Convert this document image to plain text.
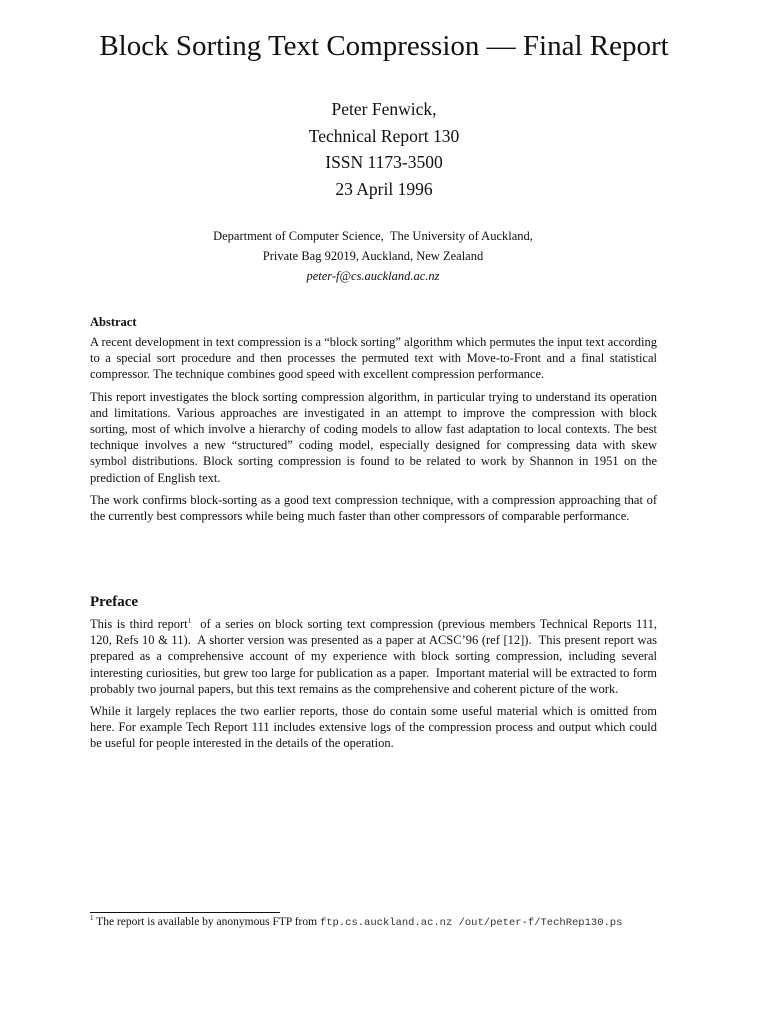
Block Sorting Text Compression — Final Report
Peter Fenwick,
Technical Report 130
ISSN 1173-3500
23 April 1996
Department of Computer Science,  The University of Auckland,
Private Bag 92019, Auckland, New Zealand
peter-f@cs.auckland.ac.nz
Abstract

A recent development in text compression is a “block sorting” algorithm which permutes the input text according to a special sort procedure and then processes the permuted text with Move-to-Front and a final statistical compressor. The technique combines good speed with excellent compression performance.

This report investigates the block sorting compression algorithm, in particular trying to understand its operation and limitations. Various approaches are investigated in an attempt to improve the compression with block sorting, most of which involve a hierarchy of coding models to allow fast adaptation to local contexts. The best technique involves a new “structured” coding model, especially designed for compressing data with skew symbol distributions. Block sorting compression is found to be related to work by Shannon in 1951 on the prediction of English text.

The work confirms block-sorting as a good text compression technique, with a compression approaching that of the currently best compressors while being much faster than other compressors of comparable performance.

Preface

This is third report$^1$  of a series on block sorting text compression (previous members Technical Reports 111, 120, Refs 10 & 11).  A shorter version was presented as a paper at ACSC’96 (ref [12]).  This present report was prepared as a comprehensive account of my experience with block sorting compression, including several interesting curiosities, but grew too large for publication as a paper.  Important material will be extracted to form probably two journal papers, but this text remains as the comprehensive and coherent picture of the work.

While it largely replaces the two earlier reports, those do contain some useful material which is omitted from here. For example Tech Report 111 includes extensive logs of the compression process and output which could be useful for people interested in the details of the operation.

$^1$ The report is available by anonymous FTP from ftp.cs.auckland.ac.nz /out/peter-f/TechRep130.ps
